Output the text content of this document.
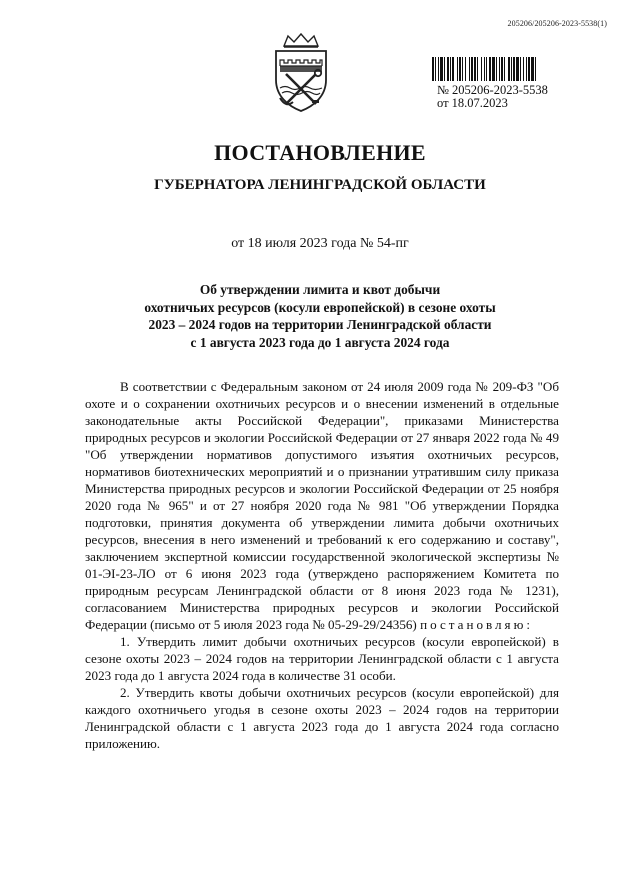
205206/205206-2023-5538(1)
№ 205206-2023-5538
от 18.07.2023
ПОСТАНОВЛЕНИЕ
ГУБЕРНАТОРА ЛЕНИНГРАДСКОЙ ОБЛАСТИ
от 18 июля 2023 года № 54-пг
Об утверждении лимита и квот добычи
охотничьих ресурсов (косули европейской) в сезоне охоты
2023 – 2024 годов на территории Ленинградской области
с 1 августа 2023 года до 1 августа 2024 года

В соответствии с Федеральным законом от 24 июля 2009 года № 209-ФЗ "Об охоте и о сохранении охотничьих ресурсов и о внесении изменений в отдельные законодательные акты Российской Федерации", приказами Министерства природных ресурсов и экологии Российской Федерации от 27 января 2022 года № 49 "Об утверждении нормативов допустимого изъятия охотничьих ресурсов, нормативов биотехнических мероприятий и о признании утратившим силу приказа Министерства природных ресурсов и экологии Российской Федерации от 25 ноября 2020 года № 965" и от 27 ноября 2020 года № 981 "Об утверждении Порядка подготовки, принятия документа об утверждении лимита добычи охотничьих ресурсов, внесения в него изменений и требований к его содержанию и составу", заключением экспертной комиссии государственной экологической экспертизы № 01-ЭІ-23-ЛО от 6 июня 2023 года (утверждено распоряжением Комитета по природным ресурсам Ленинградской области от 8 июня 2023 года № 1231), согласованием Министерства природных ресурсов и экологии Российской Федерации (письмо от 5 июля 2023 года № 05-29-29/24356) постановляю:

1. Утвердить лимит добычи охотничьих ресурсов (косули европейской) в сезоне охоты 2023 – 2024 годов на территории Ленинградской области с 1 августа 2023 года до 1 августа 2024 года в количестве 31 особи.

2. Утвердить квоты добычи охотничьих ресурсов (косули европейской) для каждого охотничьего угодья в сезоне охоты 2023 – 2024 годов на территории Ленинградской области с 1 августа 2023 года до 1 августа 2024 года согласно приложению.
